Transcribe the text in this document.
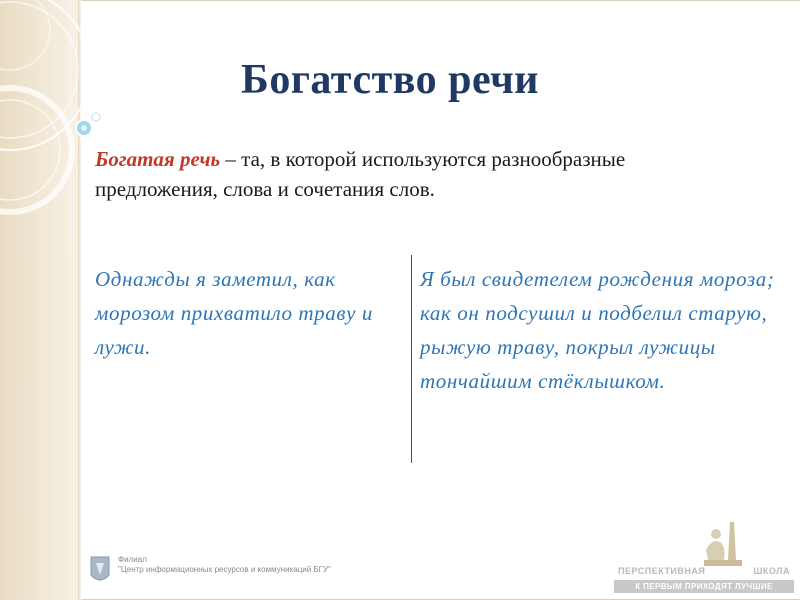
Богатство речи
Богатая речь – та, в которой используются разнообразные предложения, слова и сочетания слов.
Однажды я заметил, как морозом прихватило траву и лужи.
Я был свидетелем рождения мороза; как он подсушил и подбелил старую, рыжую траву, покрыл лужицы тончайшим стёклышком.
Филиал
"Центр информационных ресурсов и коммуникаций БГУ"	ПЕРСПЕКТИВНАЯ	ШКОЛА
К ПЕРВЫМ ПРИХОДЯТ ЛУЧШИЕ
